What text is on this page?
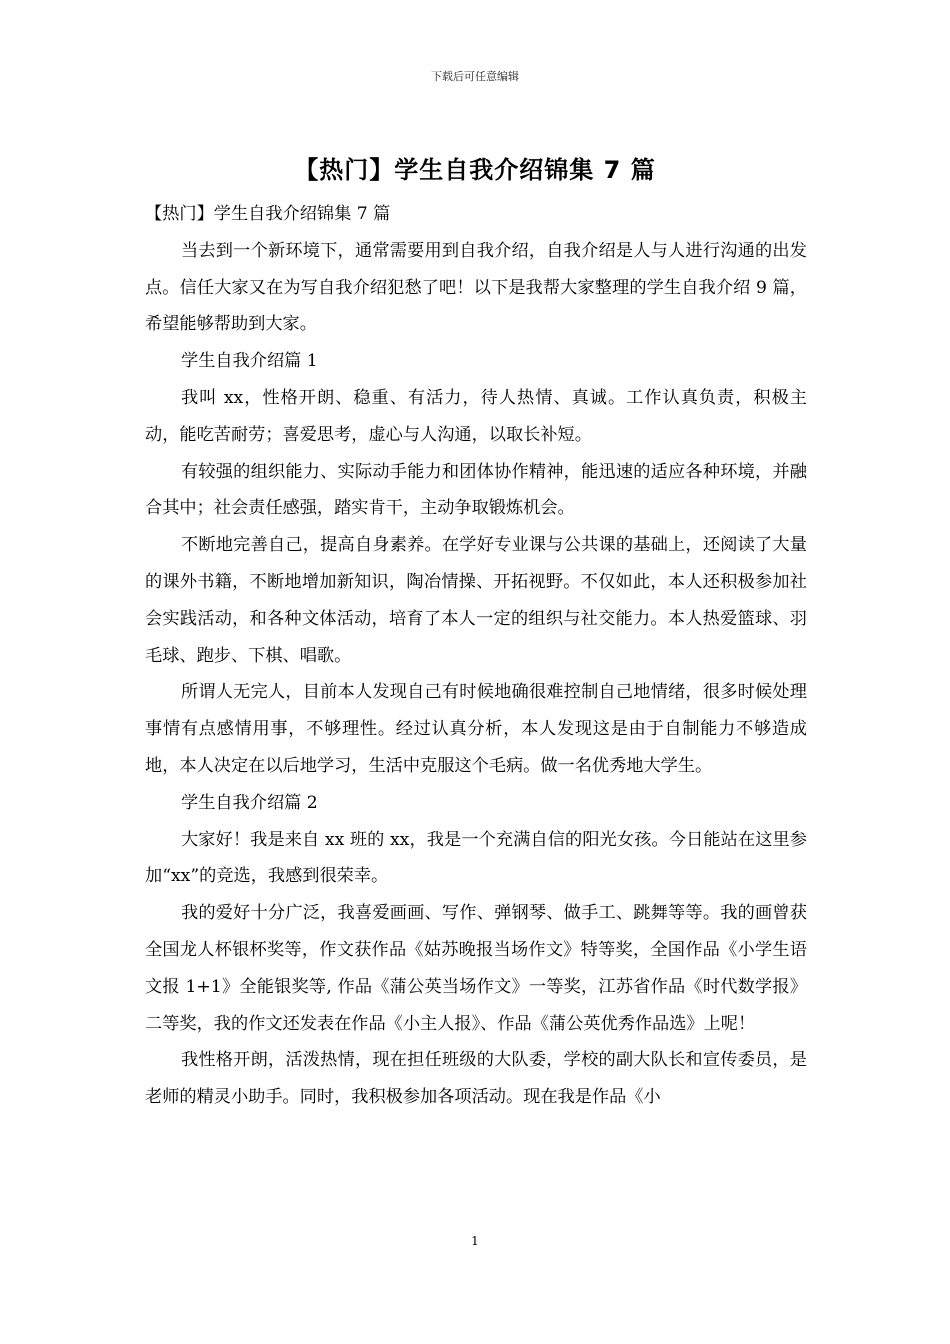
下载后可任意编辑
【热门】学生自我介绍锦集 7 篇

【热门】学生自我介绍锦集 7 篇

当去到一个新环境下，通常需要用到自我介绍，自我介绍是人与人进行沟通的出发点。信任大家又在为写自我介绍犯愁了吧！以下是我帮大家整理的学生自我介绍 9 篇，希望能够帮助到大家。

学生自我介绍篇 1

我叫 xx，性格开朗、稳重、有活力，待人热情、真诚。工作认真负责，积极主动，能吃苦耐劳；喜爱思考，虚心与人沟通，以取长补短。

有较强的组织能力、实际动手能力和团体协作精神，能迅速的适应各种环境，并融合其中；社会责任感强，踏实肯干，主动争取锻炼机会。

不断地完善自己，提高自身素养。在学好专业课与公共课的基础上，还阅读了大量的课外书籍，不断地增加新知识，陶冶情操、开拓视野。不仅如此，本人还积极参加社会实践活动，和各种文体活动，培育了本人一定的组织与社交能力。本人热爱篮球、羽毛球、跑步、下棋、唱歌。

所谓人无完人，目前本人发现自己有时候地确很难控制自己地情绪，很多时候处理事情有点感情用事，不够理性。经过认真分析，本人发现这是由于自制能力不够造成地，本人决定在以后地学习，生活中克服这个毛病。做一名优秀地大学生。

学生自我介绍篇 2

大家好！我是来自 xx 班的 xx，我是一个充满自信的阳光女孩。今日能站在这里参加“xx”的竞选，我感到很荣幸。

我的爱好十分广泛，我喜爱画画、写作、弹钢琴、做手工、跳舞等等。我的画曾获全国龙人杯银杯奖等，作文获作品《姑苏晚报当场作文》特等奖，全国作品《小学生语文报 1+1》全能银奖等, 作品《蒲公英当场作文》一等奖，江苏省作品《时代数学报》二等奖，我的作文还发表在作品《小主人报》、作品《蒲公英优秀作品选》上呢！

我性格开朗，活泼热情，现在担任班级的大队委，学校的副大队长和宣传委员，是老师的精灵小助手。同时，我积极参加各项活动。现在我是作品《小

1
